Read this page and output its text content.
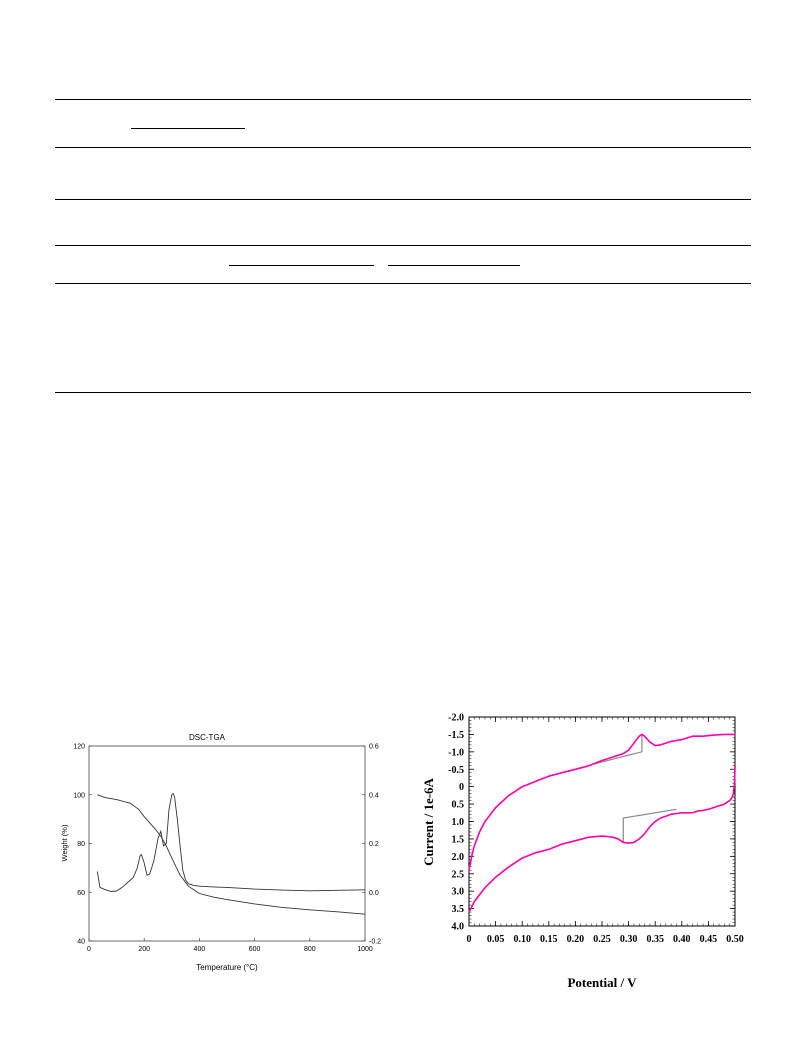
DSC-TGA
0	200	400	600	800	1000
40
60
80
100
120
-0.2
0.0
0.2
0.4
0.6
Weight (%)
Temperature (°C)
0 0.05 0.10 0.15 0.20 0.25 0.30 0.35 0.40 0.45 0.50
-2.0
-1.5
-1.0
-0.5
0
0.5
1.0
1.5
2.0
2.5
3.0
3.5
4.0
Current / 1e-6A
Potential / V
